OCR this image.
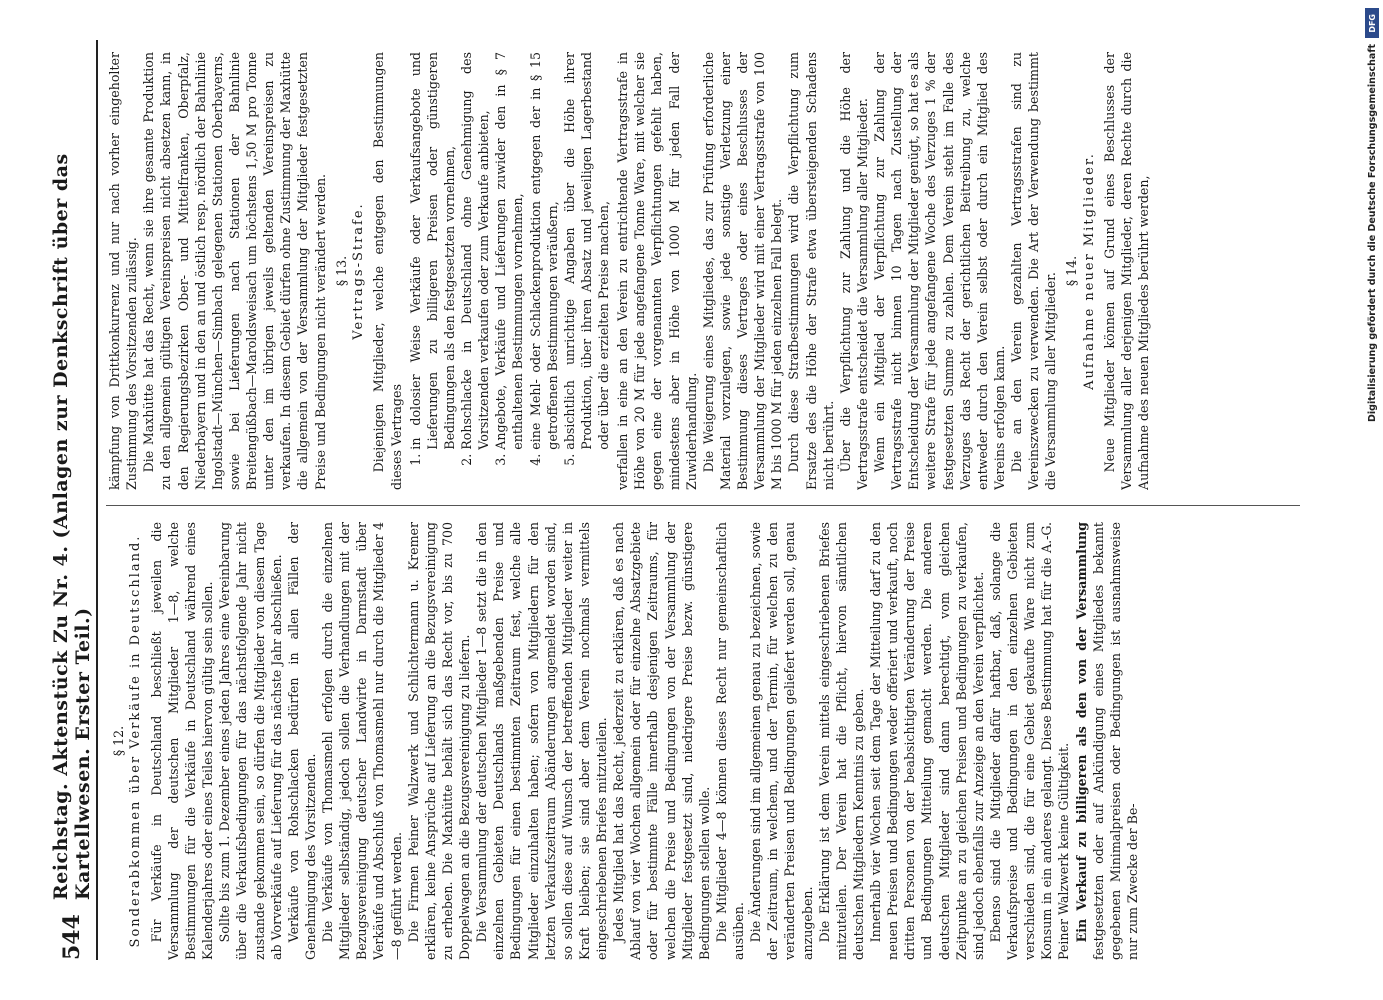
544
Reichstag. Aktenstück Zu Nr. 4. (Anlagen zur Denkschrift über das Kartellwesen. Erster Teil.) § 12. Sonderabkommen über Verkäufe in Deutschland. Für Verkäufe in Deutschland beschließt jeweilen die Versammlung der deutschen Mitglieder 1—8, welche Bestimmungen für die Verkäufe in Deutschland während eines Kalenderjahres oder eines Teiles hiervon gültig sein sollen. Sollte bis zum 1. Dezember eines jeden Jahres eine Vereinbarung über die Verkaufsbedingungen für das nächstfolgende Jahr nicht zustande gekommen sein, so dürfen die Mitglieder von diesem Tage ab Vorverkäufe auf Lieferung für das nächste Jahr abschließen. Verkäufe von Rohschlacken bedürfen in allen Fällen der Genehmigung des Vorsitzenden. Die Verkäufe von Thomasmehl erfolgen durch die einzelnen Mitglieder selbständig, jedoch sollen die Verhandlungen mit der Bezugsvereinigung deutscher Landwirte in Darmstadt über Verkäufe und Abschluß von Thomasmehl nur durch die Mitglieder 4—8 geführt werden. Die Firmen Peiner Walzwerk und Schlichtermann u. Kremer erklären, keine Ansprüche auf Lieferung an die Bezugsvereinigung zu erheben. Die Maxhütte behält sich das Recht vor, bis zu 700 Doppelwagen an die Bezugsvereinigung zu liefern. Die Versammlung der deutschen Mitglieder 1—8 setzt die in den einzelnen Gebieten Deutschlands maßgebenden Preise und Bedingungen für einen bestimmten Zeitraum fest, welche alle Mitglieder einzuhalten haben; sofern von Mitgliedern für den letzten Verkaufszeitraum Abänderungen angemeldet worden sind, so sollen diese auf Wunsch der betreffenden Mitglieder weiter in Kraft bleiben; sie sind aber dem Verein nochmals vermittels eingeschriebenen Briefes mitzuteilen. Jedes Mitglied hat das Recht, jederzeit zu erklären, daß es nach Ablauf von vier Wochen allgemein oder für einzelne Absatzgebiete oder für bestimmte Fälle innerhalb desjenigen Zeitraums, für welchen die Preise und Bedingungen von der Versammlung der Mitglieder festgesetzt sind, niedrigere Preise bezw. günstigere Bedingungen stellen wolle. Die Mitglieder 4—8 können dieses Recht nur gemeinschaftlich ausüben. Die Änderungen sind im allgemeinen genau zu bezeichnen, sowie der Zeitraum, in welchem, und der Termin, für welchen zu den veränderten Preisen und Bedingungen geliefert werden soll, genau anzugeben. Die Erklärung ist dem Verein mittels eingeschriebenen Briefes mitzuteilen. Der Verein hat die Pflicht, hiervon sämtlichen deutschen Mitgliedern Kenntnis zu geben. Innerhalb vier Wochen seit dem Tage der Mitteilung darf zu den neuen Preisen und Bedingungen weder offeriert und verkauft, noch dritten Personen von der beabsichtigten Veränderung der Preise und Bedingungen Mitteilung gemacht werden. Die anderen deutschen Mitglieder sind dann berechtigt, vom gleichen Zeitpunkte an zu gleichen Preisen und Bedingungen zu verkaufen, sind jedoch ebenfalls zur Anzeige an den Verein verpflichtet. Ebenso sind die Mitglieder dafür haftbar, daß, solange die Verkaufspreise und Bedingungen in den einzelnen Gebieten verschieden sind, die für eine Gebiet gekaufte Ware nicht zum Konsum in ein anderes gelangt. Diese Bestimmung hat für die A.-G. Peiner Walzwerk keine Gültigkeit. Ein Verkauf zu billigeren als den von der Versammlung festgesetzten oder auf Ankündigung eines Mitgliedes bekannt gegebenen Minimalpreisen oder Bedingungen ist ausnahmsweise nur zum Zwecke der Be-

kämpfung von Drittkonkurrenz und nur nach vorher eingeholter Zustimmung des Vorsitzenden zulässig. Die Maxhütte hat das Recht, wenn sie ihre gesamte Produktion zu den allgemein gültigen Vereinspreisen nicht absetzen kann, in den Regierungsbezirken Ober- und Mittelfranken, Oberpfalz, Niederbayern und in den an und östlich resp. nördlich der Bahnlinie Ingolstadt—München—Simbach gelegenen Stationen Oberbayerns, sowie bei Lieferungen nach Stationen der Bahnlinie Breitengüßbach—Maroldsweisach um höchstens 1,50 M pro Tonne unter den im übrigen jeweils geltenden Vereinspreisen zu verkaufen. In diesem Gebiet dürfen ohne Zustimmung der Maxhütte die allgemein von der Versammlung der Mitglieder festgesetzten Preise und Bedingungen nicht verändert werden. § 13. Vertrags-Strafe. Diejenigen Mitglieder, welche entgegen den Bestimmungen dieses Vertrages 1. in dolosier Weise Verkäufe oder Verkaufsangebote und Lieferungen zu billigeren Preisen oder günstigeren Bedingungen als den festgesetzten vornehmen, 2. Rohschlacke in Deutschland ohne Genehmigung des Vorsitzenden verkaufen oder zum Verkaufe anbieten, 3. Angebote, Verkäufe und Lieferungen zuwider den in § 7 enthaltenen Bestimmungen vornehmen, 4. eine Mehl- oder Schlackenproduktion entgegen der in § 15 getroffenen Bestimmungen veräußern, 5. absichtlich unrichtige Angaben über die Höhe ihrer Produktion, über ihren Absatz und jeweiligen Lagerbestand oder über die erzielten Preise machen, verfallen in eine an den Verein zu entrichtende Vertragsstrafe in Höhe von 20 M für jede angefangene Tonne Ware, mit welcher sie gegen eine der vorgenannten Verpflichtungen gefehlt haben, mindestens aber in Höhe von 1000 M für jeden Fall der Zuwiderhandlung. Die Weigerung eines Mitgliedes, das zur Prüfung erforderliche Material vorzulegen, sowie jede sonstige Verletzung einer Bestimmung dieses Vertrages oder eines Beschlusses der Versammlung der Mitglieder wird mit einer Vertragsstrafe von 100 M bis 1000 M für jeden einzelnen Fall belegt. Durch diese Strafbestimmungen wird die Verpflichtung zum Ersatze des die Höhe der Strafe etwa übersteigenden Schadens nicht berührt. Über die Verpflichtung zur Zahlung und die Höhe der Vertragsstrafe entscheidet die Versammlung aller Mitglieder. Wenn ein Mitglied der Verpflichtung zur Zahlung der Vertragsstrafe nicht binnen 10 Tagen nach Zustellung der Entscheidung der Versammlung der Mitglieder genügt, so hat es als weitere Strafe für jede angefangene Woche des Verzuges 1 % der festgesetzten Summe zu zahlen. Dem Verein steht im Falle des Verzuges das Recht der gerichtlichen Beitreibung zu, welche entweder durch den Verein selbst oder durch ein Mitglied des Vereins erfolgen kann. Die an den Verein gezahlten Vertragsstrafen sind zu Vereinszwecken zu verwenden. Die Art der Verwendung bestimmt die Versammlung aller Mitglieder.

§ 14. Aufnahme neuer Mitglieder. Neue Mitglieder können auf Grund eines Beschlusses der Versammlung aller derjenigen Mitglieder, deren Rechte durch die Aufnahme des neuen Mitgliedes berührt werden,

DFG
Digitalisierung gefördert durch die Deutsche Forschungsgemeinschaft
